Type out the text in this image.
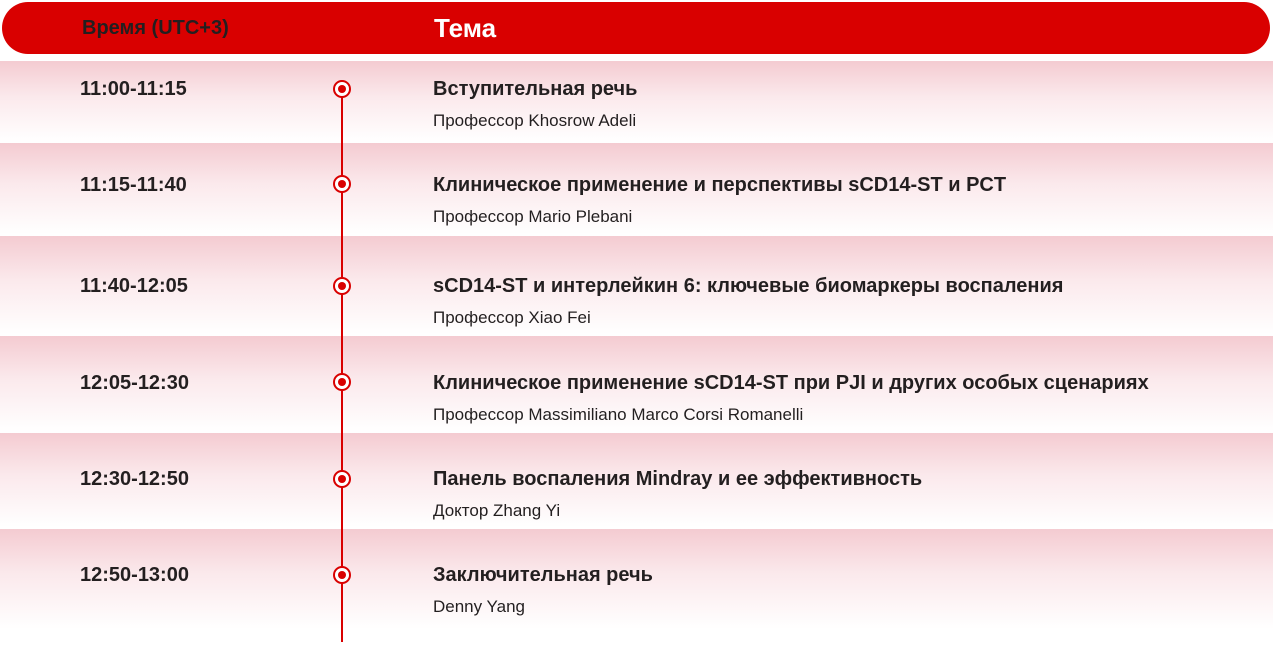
Время (UTC+3)	Тема
11:00-11:15	Вступительная речь
Профессор Khosrow Adeli
11:15-11:40	Клиническое применение и перспективы sCD14-ST и PCT
Профессор Mario Plebani
11:40-12:05	sCD14-ST и интерлейкин 6: ключевые биомаркеры воспаления
Профессор Xiao Fei
12:05-12:30	Клиническое применение sCD14-ST при PJI и других особых сценариях
Профессор Massimiliano Marco Corsi Romanelli
12:30-12:50	Панель воспаления Mindray и ее эффективность
Доктор Zhang Yi
12:50-13:00	Заключительная речь
Denny Yang
